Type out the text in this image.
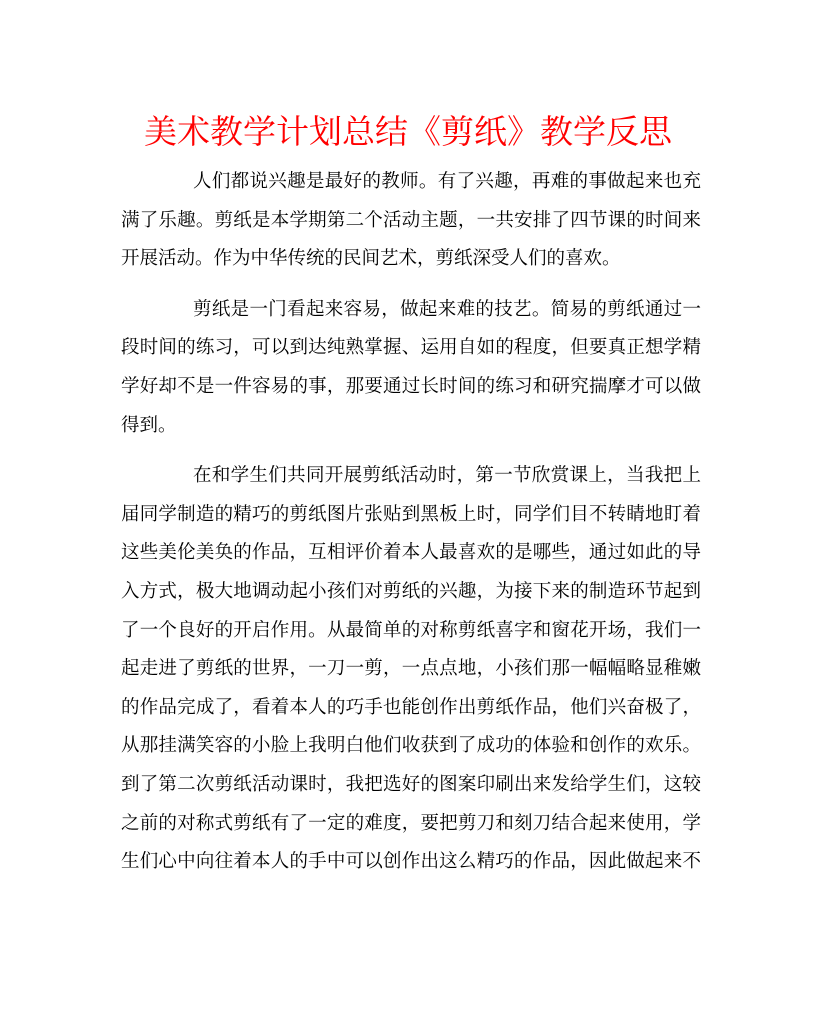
美术教学计划总结《剪纸》教学反思

人们都说兴趣是最好的教师。有了兴趣，再难的事做起来也充
满了乐趣。剪纸是本学期第二个活动主题，一共安排了四节课的时间来
开展活动。作为中华传统的民间艺术，剪纸深受人们的喜欢。

剪纸是一门看起来容易，做起来难的技艺。简易的剪纸通过一
段时间的练习，可以到达纯熟掌握、运用自如的程度，但要真正想学精
学好却不是一件容易的事，那要通过长时间的练习和研究揣摩才可以做
得到。

在和学生们共同开展剪纸活动时，第一节欣赏课上，当我把上
届同学制造的精巧的剪纸图片张贴到黑板上时，同学们目不转睛地盯着
这些美伦美奂的作品，互相评价着本人最喜欢的是哪些，通过如此的导
入方式，极大地调动起小孩们对剪纸的兴趣，为接下来的制造环节起到
了一个良好的开启作用。从最简单的对称剪纸喜字和窗花开场，我们一
起走进了剪纸的世界，一刀一剪，一点点地，小孩们那一幅幅略显稚嫩
的作品完成了，看着本人的巧手也能创作出剪纸作品，他们兴奋极了，
从那挂满笑容的小脸上我明白他们收获到了成功的体验和创作的欢乐。
到了第二次剪纸活动课时，我把选好的图案印刷出来发给学生们，这较
之前的对称式剪纸有了一定的难度，要把剪刀和刻刀结合起来使用，学
生们心中向往着本人的手中可以创作出这么精巧的作品，因此做起来不
